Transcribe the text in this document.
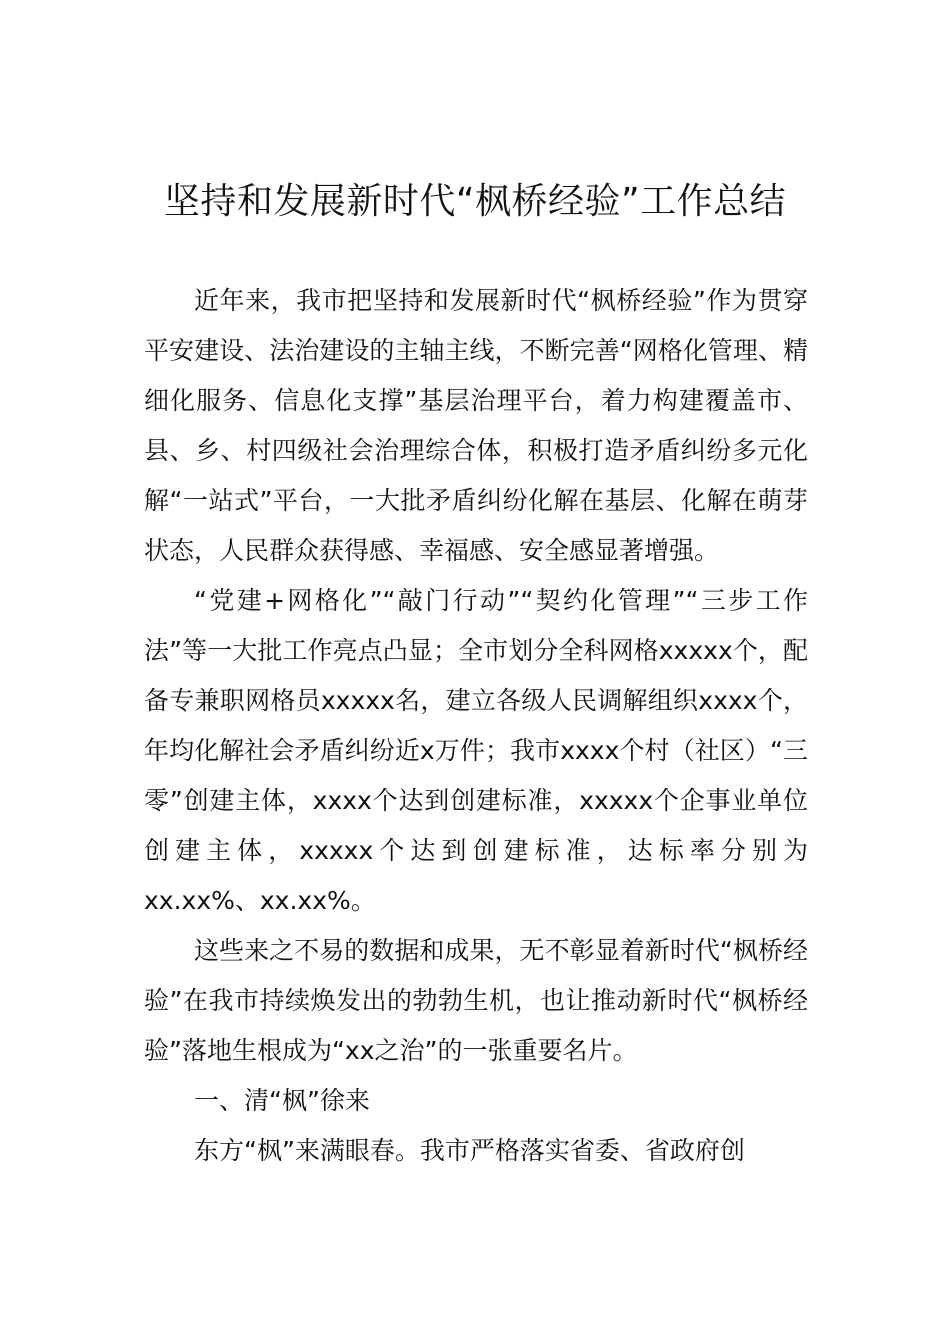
坚持和发展新时代“枫桥经验”工作总结

近年来，我市把坚持和发展新时代“枫桥经验”作为贯穿平安建设、法治建设的主轴主线，不断完善“网格化管理、精细化服务、信息化支撑”基层治理平台，着力构建覆盖市、县、乡、村四级社会治理综合体，积极打造矛盾纠纷多元化解“一站式”平台，一大批矛盾纠纷化解在基层、化解在萌芽状态，人民群众获得感、幸福感、安全感显著增强。

“党建+网格化”“敲门行动”“契约化管理”“三步工作法”等一大批工作亮点凸显；全市划分全科网格xxxxx个，配备专兼职网格员xxxxx名，建立各级人民调解组织xxxx个，年均化解社会矛盾纠纷近x万件；我市xxxx个村（社区）“三零”创建主体，xxxx个达到创建标准，xxxxx个企事业单位创建主体，xxxxx个达到创建标准，达标率分别为xx.xx%、xx.xx%。

这些来之不易的数据和成果，无不彰显着新时代“枫桥经验”在我市持续焕发出的勃勃生机，也让推动新时代“枫桥经验”落地生根成为“xx之治”的一张重要名片。

一、清“枫”徐来

东方“枫”来满眼春。我市严格落实省委、省政府创
